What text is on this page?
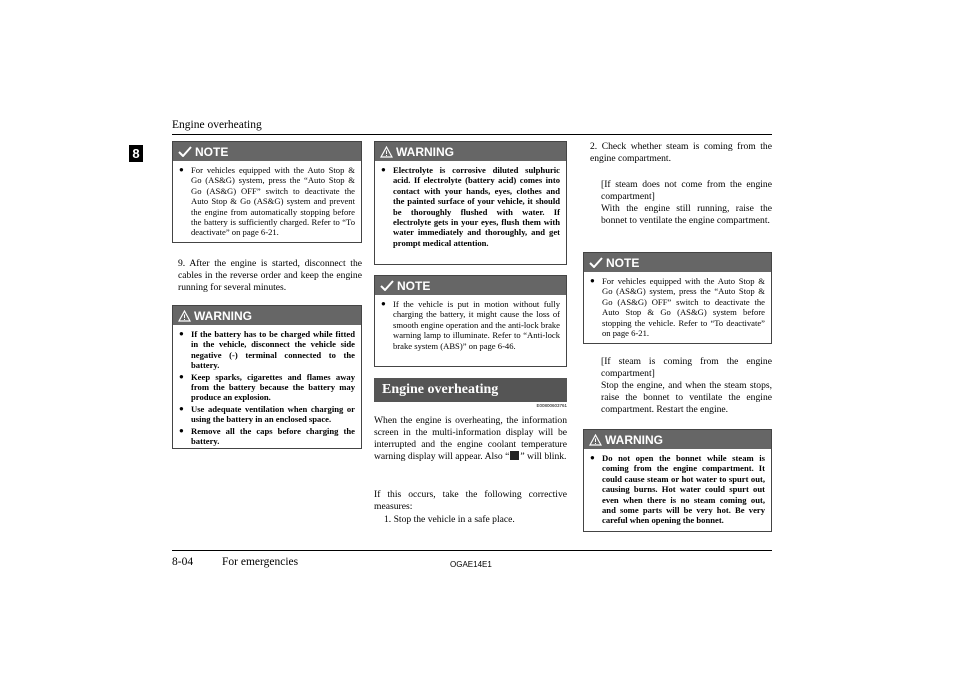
Engine overheating
8	NOTE
● For vehicles equipped with the Auto Stop & Go (AS&G) system, press the “Auto Stop & Go (AS&G) OFF” switch to deactivate the Auto Stop & Go (AS&G) system and prevent the engine from automatically stopping before the battery is sufficiently charged. Refer to “To deactivate” on page 6-21.
9. After the engine is started, disconnect the cables in the reverse order and keep the engine running for several minutes.
WARNING
● If the battery has to be charged while fitted in the vehicle, disconnect the vehicle side negative (-) terminal connected to the battery.
● Keep sparks, cigarettes and flames away from the battery because the battery may produce an explosion.
● Use adequate ventilation when charging or using the battery in an enclosed space.
● Remove all the caps before charging the battery.
WARNING
● Electrolyte is corrosive diluted sulphuric acid. If electrolyte (battery acid) comes into contact with your hands, eyes, clothes and the painted surface of your vehicle, it should be thoroughly flushed with water. If electrolyte gets in your eyes, flush them with water immediately and thoroughly, and get prompt medical attention.
NOTE
● If the vehicle is put in motion without fully charging the battery, it might cause the loss of smooth engine operation and the anti-lock brake warning lamp to illuminate. Refer to “Anti-lock brake system (ABS)” on page 6-46.
Engine overheating
E00800603761
When the engine is overheating, the information screen in the multi-information display will be interrupted and the engine coolant temperature warning display will appear. Also “ ” will blink.
If this occurs, take the following corrective measures:
1. Stop the vehicle in a safe place.
2. Check whether steam is coming from the engine compartment.
[If steam does not come from the engine compartment]
With the engine still running, raise the bonnet to ventilate the engine compartment.
NOTE
● For vehicles equipped with the Auto Stop & Go (AS&G) system, press the “Auto Stop & Go (AS&G) OFF” switch to deactivate the Auto Stop & Go (AS&G) system before stopping the vehicle. Refer to “To deactivate” on page 6-21.
[If steam is coming from the engine compartment]
Stop the engine, and when the steam stops, raise the bonnet to ventilate the engine compartment. Restart the engine.
WARNING
● Do not open the bonnet while steam is coming from the engine compartment. It could cause steam or hot water to spurt out, causing burns. Hot water could spurt out even when there is no steam coming out, and some parts will be very hot. Be very careful when opening the bonnet.
8-04	For emergencies	OGAE14E1
